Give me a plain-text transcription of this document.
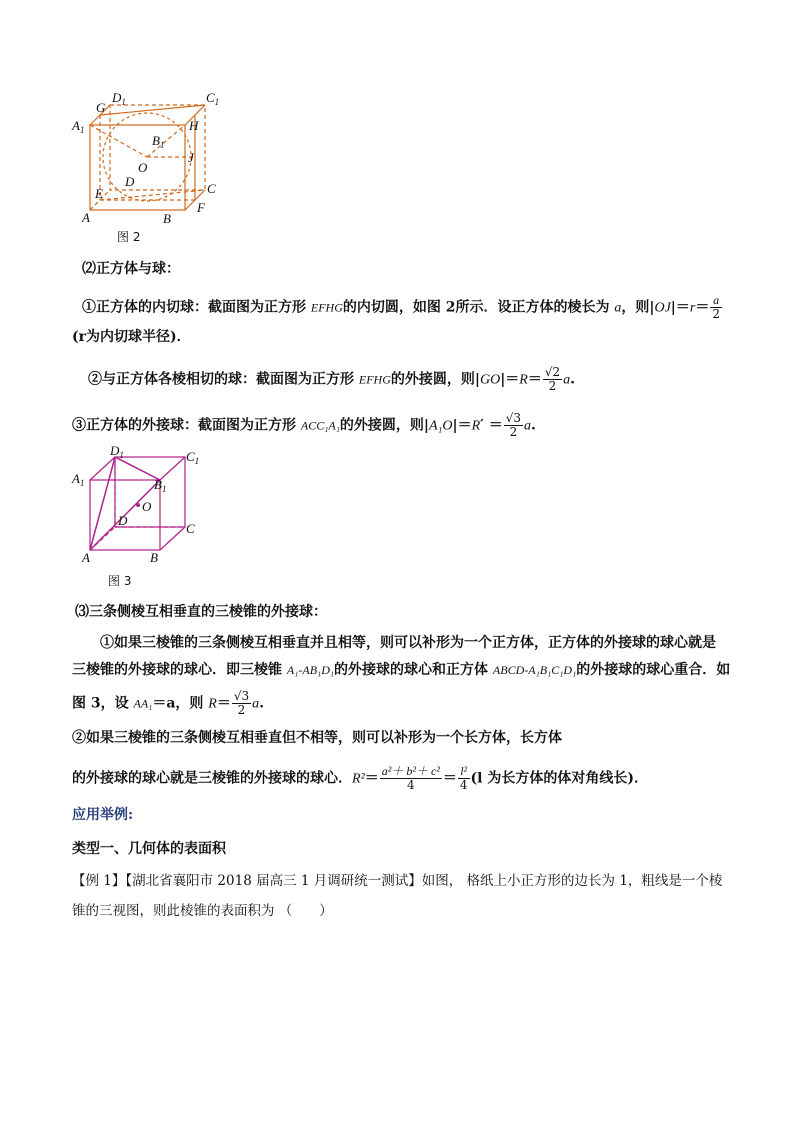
$D_1$	$C_1$
$A_1$
G
H
$B_1$
O
J
D	C
E
A	B
F
图 2
⑵正方体与球：
①正方体的内切球：截面图为正方形 EFHG的内切圆，如图 2所示．设正方体的棱长为 a，则$|OJ|=r= \frac{a}{2}$
(r为内切球半径)．
②与正方体各棱相切的球：截面图为正方形 EFHG的外接圆，则$|GO|=R= \frac{√2}{2} a$.
③正方体的外接球：截面图为正方形 ACC₁A₁的外接圆，则$|A_1O|=R' = \frac{√3}{2} a$.
$D_1$	$C_1$
$A_1$	$B_1$
O
D
C
A	B
图 3
⑶三条侧棱互相垂直的三棱锥的外接球：
①如果三棱锥的三条侧棱互相垂直并且相等，则可以补形为一个正方体，正方体的外接球的球心就是
三棱锥的外接球的球心．即三棱锥 A₁-AB₁D₁的外接球的球心和正方体 ABCD-A₁B₁C₁D₁的外接球的球心重合．如
图 3，设 AA₁＝a，则 $R= \frac{√3}{2} a$.
②如果三棱锥的三条侧棱互相垂直但不相等，则可以补形为一个长方体，长方体
的外接球的球心就是三棱锥的外接球的球心．$R^2= \frac{\text{a²＋ b²＋ c²}}{4} = \frac{\text{l²}}{4} (l$ 为长方体的体对角线长)．
应用举例:
类型一、几何体的表面积
【例 1】【湖北省襄阳市 2018 届高三 1 月调研统一测试】如图， 格纸上小正方形的边长为 1，粗线是一个棱
锥的三视图，则此棱锥的表面积为 （　　）
